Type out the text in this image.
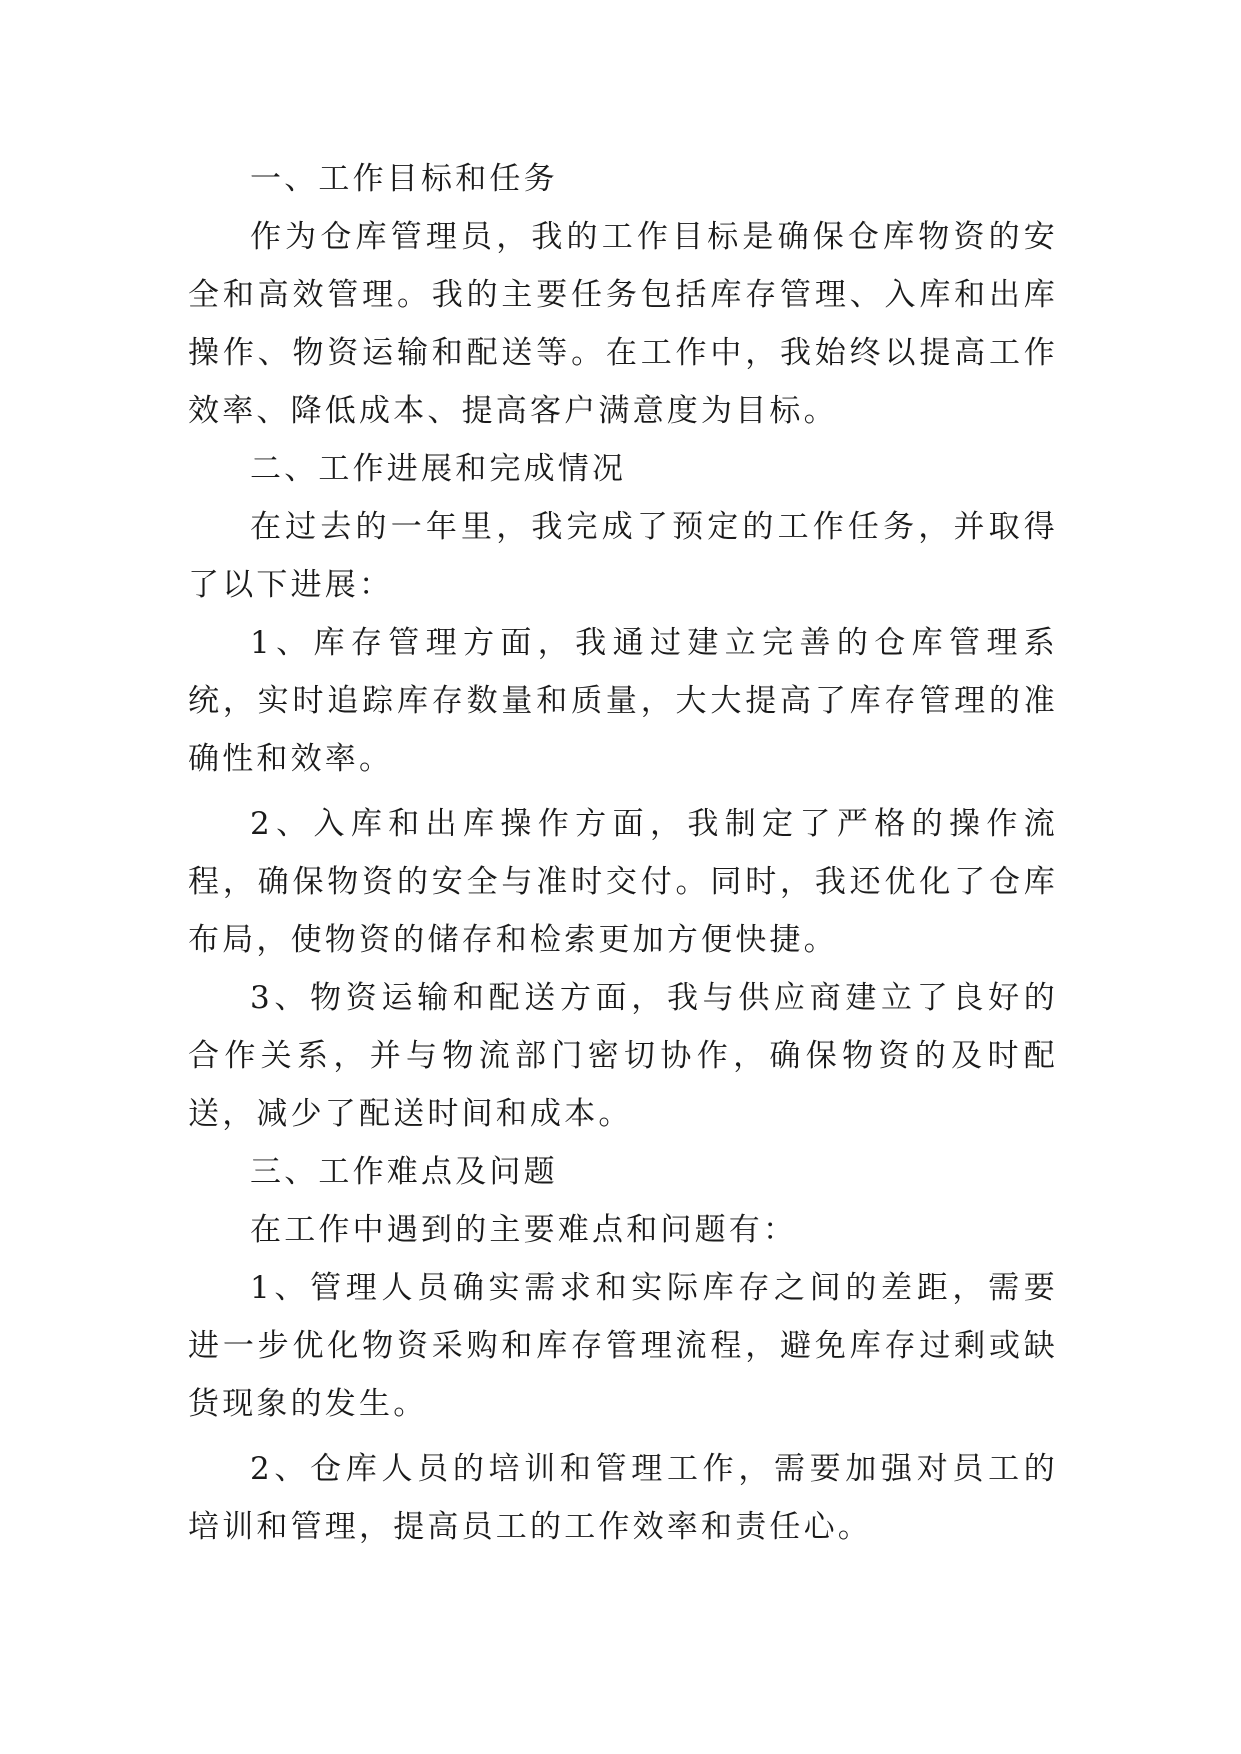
一、工作目标和任务

作为仓库管理员，我的工作目标是确保仓库物资的安全和高效管理。我的主要任务包括库存管理、入库和出库操作、物资运输和配送等。在工作中，我始终以提高工作效率、降低成本、提高客户满意度为目标。

二、工作进展和完成情况

在过去的一年里，我完成了预定的工作任务，并取得了以下进展：

1、库存管理方面，我通过建立完善的仓库管理系统，实时追踪库存数量和质量，大大提高了库存管理的准确性和效率。

2、入库和出库操作方面，我制定了严格的操作流程，确保物资的安全与准时交付。同时，我还优化了仓库布局，使物资的储存和检索更加方便快捷。

3、物资运输和配送方面，我与供应商建立了良好的合作关系，并与物流部门密切协作，确保物资的及时配送，减少了配送时间和成本。

三、工作难点及问题

在工作中遇到的主要难点和问题有：

1、管理人员确实需求和实际库存之间的差距，需要进一步优化物资采购和库存管理流程，避免库存过剩或缺货现象的发生。

2、仓库人员的培训和管理工作，需要加强对员工的培训和管理，提高员工的工作效率和责任心。
